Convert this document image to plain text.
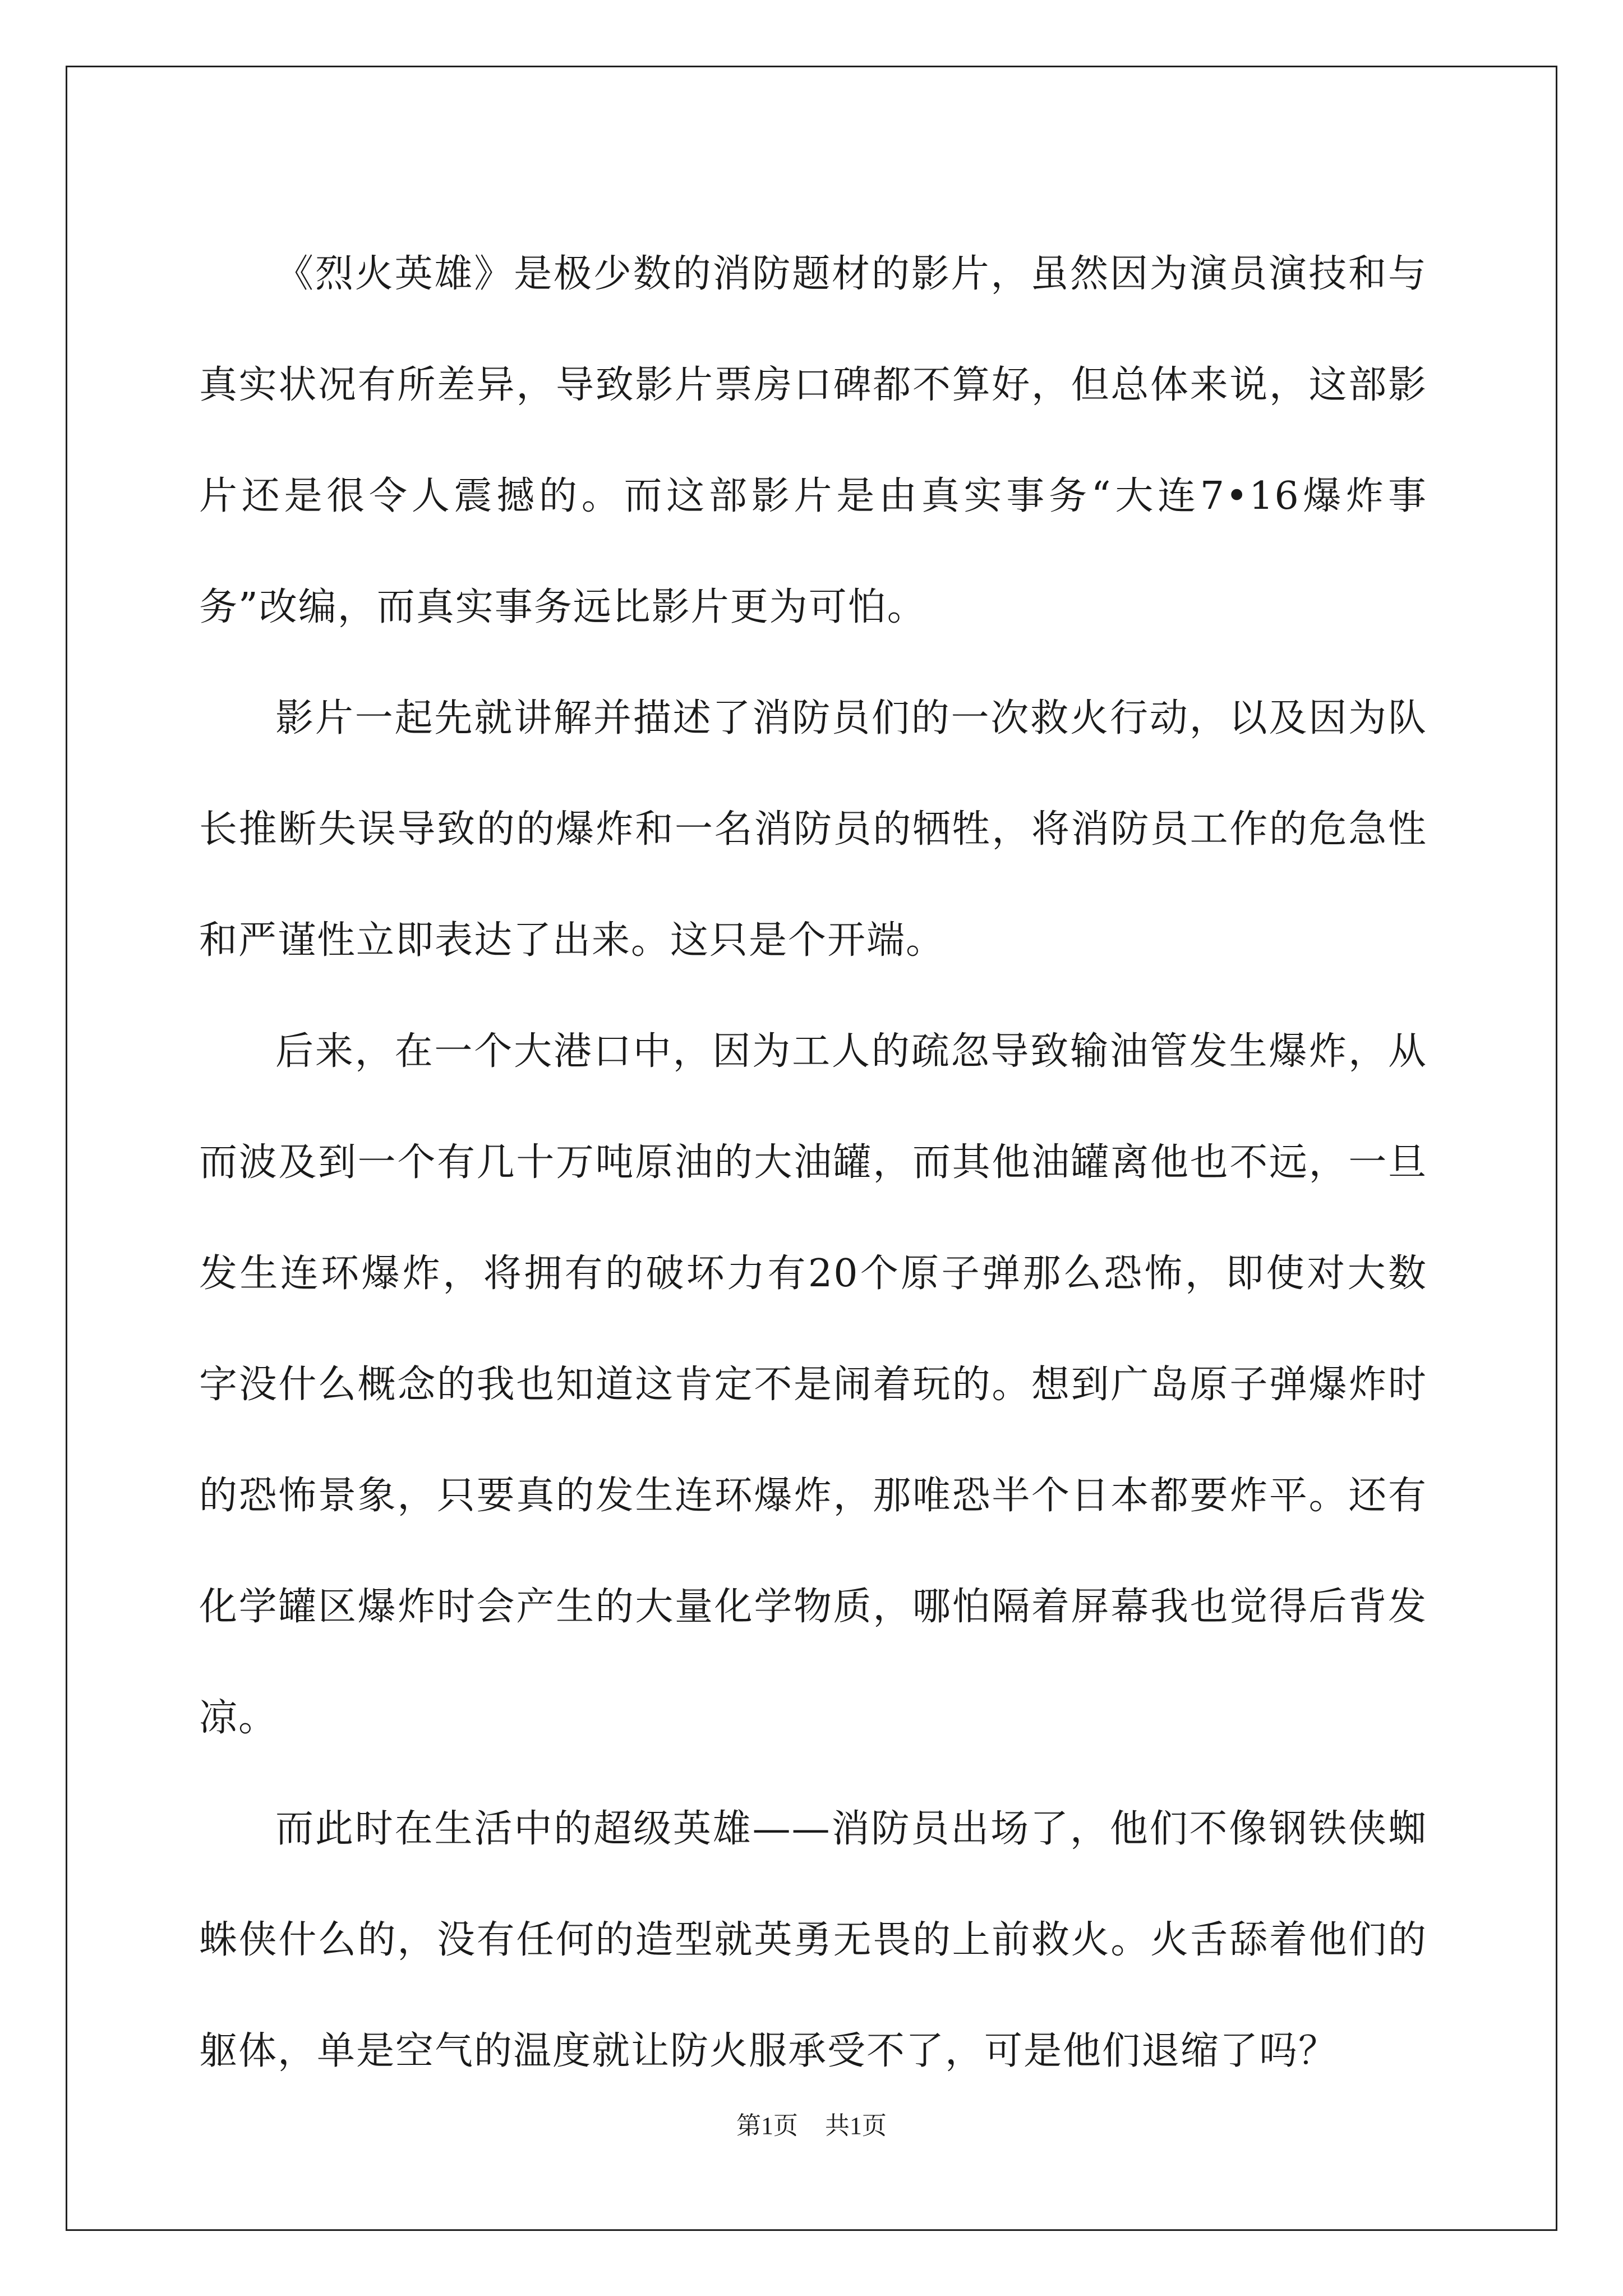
《烈火英雄》是极少数的消防题材的影片，虽然因为演员演技和与真实状况有所差异，导致影片票房口碑都不算好，但总体来说，这部影片还是很令人震撼的。而这部影片是由真实事务“大连7•16爆炸事务”改编，而真实事务远比影片更为可怕。

影片一起先就讲解并描述了消防员们的一次救火行动，以及因为队长推断失误导致的的爆炸和一名消防员的牺牲，将消防员工作的危急性和严谨性立即表达了出来。这只是个开端。

后来，在一个大港口中，因为工人的疏忽导致输油管发生爆炸，从而波及到一个有几十万吨原油的大油罐，而其他油罐离他也不远，一旦发生连环爆炸，将拥有的破坏力有20个原子弹那么恐怖，即使对大数字没什么概念的我也知道这肯定不是闹着玩的。想到广岛原子弹爆炸时的恐怖景象，只要真的发生连环爆炸，那唯恐半个日本都要炸平。还有化学罐区爆炸时会产生的大量化学物质，哪怕隔着屏幕我也觉得后背发凉。

而此时在生活中的超级英雄——消防员出场了，他们不像钢铁侠蜘蛛侠什么的，没有任何的造型就英勇无畏的上前救火。火舌舔着他们的躯体，单是空气的温度就让防火服承受不了，可是他们退缩了吗？

第1页 共1页
